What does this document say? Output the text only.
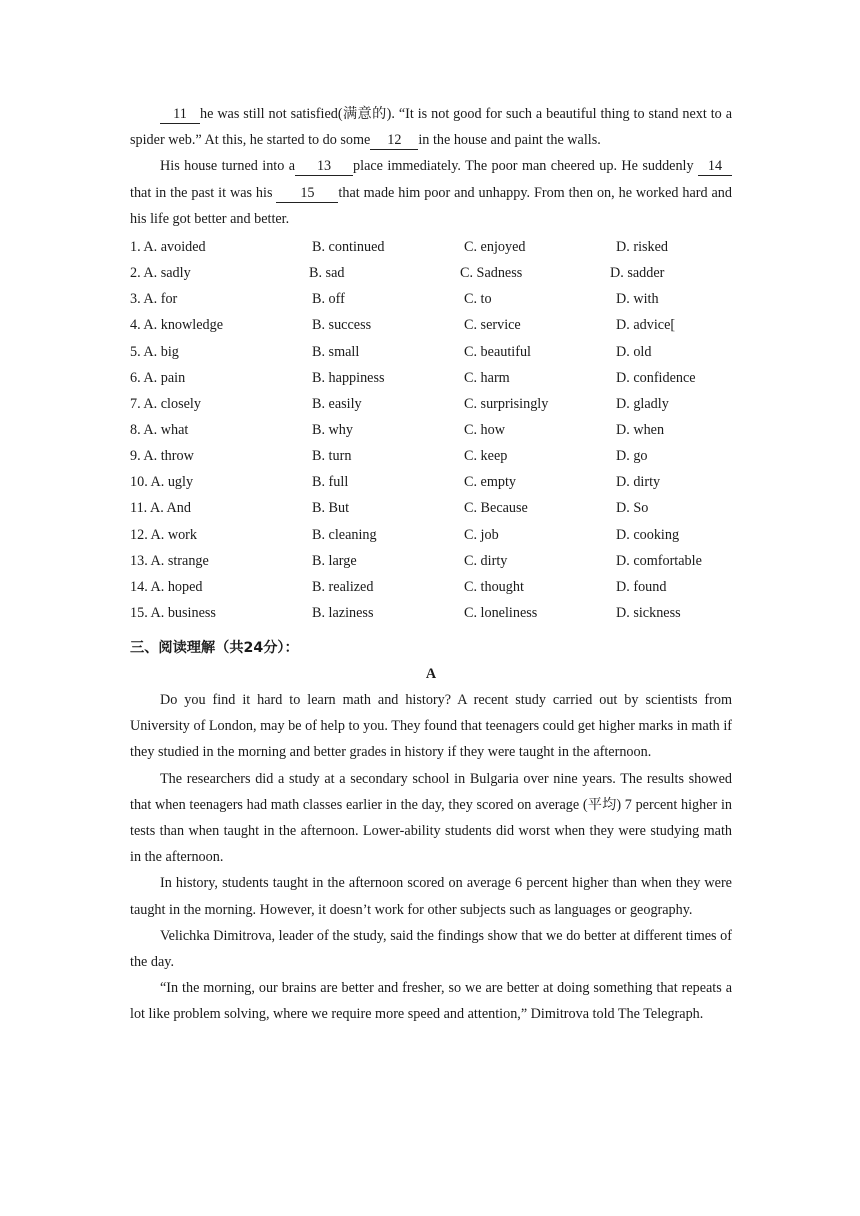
11 he was still not satisfied(满意的). “It is not good for such a beautiful thing to stand next to a spider web.” At this, he started to do some 12 in the house and paint the walls.

His house turned into a 13 place immediately. The poor man cheered up. He suddenly 14that in the past it was his 15 that made him poor and unhappy. From then on, he worked hard and his life got better and better.

1. A. avoided	B. continued	C. enjoyed	D. risked
2. A. sadly	B. sad	C. Sadness	D. sadder
3. A. for	B. off	C. to	D. with
4. A. knowledge	B. success	C. service	D. advice[
5. A. big	B. small	C. beautiful	D. old
6. A. pain	B. happiness	C. harm	D. confidence
7. A. closely	B. easily	C. surprisingly	D. gladly
8. A. what	B. why	C. how	D. when
9. A. throw	B. turn	C. keep	D. go
10. A. ugly	B. full	C. empty	D. dirty
11. A. And	B. But	C. Because	D. So
12. A. work	B. cleaning	C. job	D. cooking
13. A. strange	B. large	C. dirty	D. comfortable
14. A. hoped	B. realized	C. thought	D. found
15. A. business	B. laziness	C. loneliness	D. sickness
三、阅读理解（共24分）：
A

Do you find it hard to learn math and history? A recent study carried out by scientists from University of London, may be of help to you. They found that teenagers could get higher marks in math if they studied in the morning and better grades in history if they were taught in the afternoon.

The researchers did a study at a secondary school in Bulgaria over nine years. The results showed that when teenagers had math classes earlier in the day, they scored on average (平均) 7 percent higher in tests than when taught in the afternoon. Lower-ability students did worst when they were studying math in the afternoon.

In history, students taught in the afternoon scored on average 6 percent higher than when they were taught in the morning. However, it doesn’t work for other subjects such as languages or geography.

Velichka Dimitrova, leader of the study, said the findings show that we do better at different times of the day.

“In the morning, our brains are better and fresher, so we are better at doing something that repeats a lot like problem solving, where we require more speed and attention,” Dimitrova told The Telegraph.
